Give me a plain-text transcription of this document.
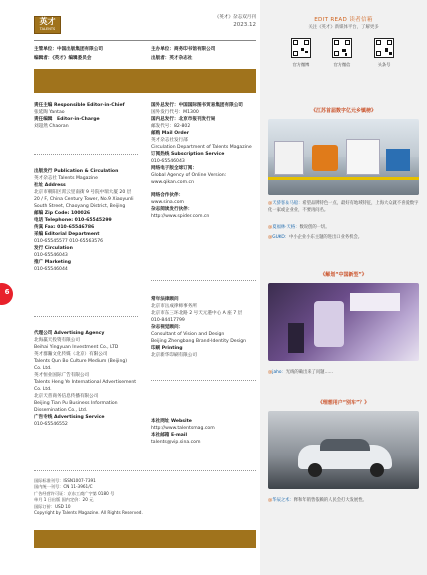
英才
TALENTS
《英才》杂志双月刊
2023.12
主管单位：中国出版集团有限公司
编辑者：《英才》编辑委员会
主办单位：商务印书馆有限公司
出版者：英才杂志社
责任主编 Responsible Editor-in-Chief
张延陶 Yantao
责任编辑　Editor-in-Charge
刘超然 Chaoran
出版发行 Publication & Circulation
英才杂志社 Talents Magazine
社址 Address
北京市朝阳区霄云里南街 9 号院中瑞大厦 20 层
20 / F, China Century Tower, No.9 Xiaoyunli
South Street, Chaoyang District, Beijing
邮编 Zip Code: 100026
电话 Telephone: 010-65545299
传真 Fax: 010-65546786
采编 Editorial Department
010-65545577 010-65563576
发行 Circulation
010-65546043
推广 Marketing
010-65546044
代理公司 Advertising Agency
北海赢天投资有限公司
Beihai Yingyuan Investment Co., LTD
英才群瀚文化传媒（北京）有限公司
Talents Qun Bo Culture Medium (Beijing)
Co. Ltd.
英才恒业国际广告有限公司
Talents Heng Ye International Advertisement
Co. Ltd.
北京天普商务信息传播有限公司
Beijing Tian Pu Business Information
Dissemination Co., Ltd.
广告专线 Advertising Service
010-65546552
国外总发行：中国国际图书贸易集团有限公司
国外发行代号：M1300
国内总发行：北京市报刊发行局
邮发代号：82-802
邮购 Mail Order
英才杂志社发行部
Circulation Department of Talents Magazine
订阅热线 Subscription Service
010-65546043
网络电子版全球订阅：
Global Agency of Online Version:
www.qikan.com.cn
网络合作伙伴：
www.sina.com
杂志阅读发行伙伴：
http://www.spider.com.cn
常年法律顾问
北京市岳成律师事务所
北京市东三环北路 2 号天元港中心 A 座 7 层
010-84417799
杂志视觉顾问：
Consultant of Vision and Design
Beijing Zhengbang Brand-Identity Design
印刷 Printing
北京新华印刷有限公司
本社网址 Website
http://www.talentsmag.com
本社邮箱 E-mail
talents@vip.sina.com
国际标准刊号：ISSN1007-7391
国内统一刊号：CN 11-3961/C
广告经营许可证：京东工商广字第 0180 号
单月 1 日出版 国内定价：20 元
国际订价：USD 10
Copyright by Talents Magazine. All Rights Reserved.
6
EDIT READ 读者信箱
关注《英才》新媒体平台，了解更多
官方微博	官方微信	头条号
《江苏首届数字亿元乡镇榜》
@天骄客＆马船：希望品牌特色一点，最好有地域特征，上海大众就不喜爱数字化一家或企业业，不要再问名。
@夏福林·天格：数说创的一切。
@GUKO：中小企业小东主题的进出口业务机会。
《解划“中国新型”》
@jaho：光线的确出来了问题……
《理想用户“别车”？》
@华辰之术：释和年销售依赖的人民会打大发展性。
